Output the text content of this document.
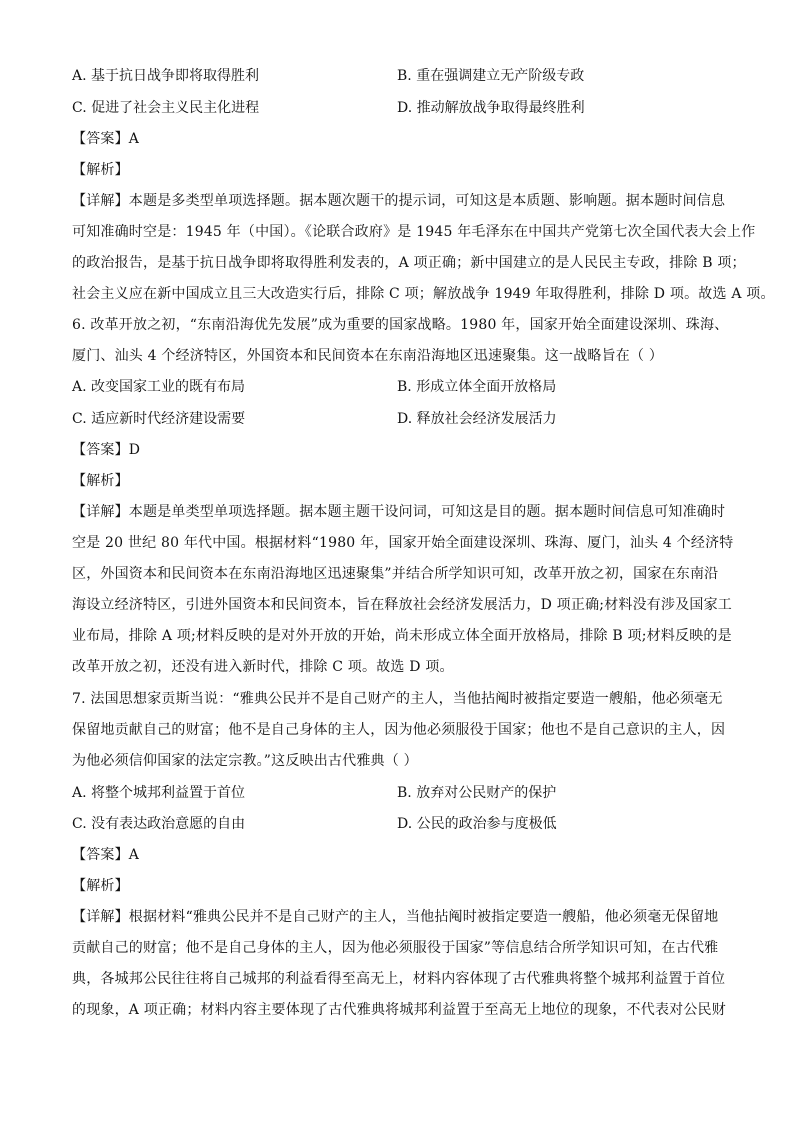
A. 基于抗日战争即将取得胜利	B. 重在强调建立无产阶级专政
C. 促进了社会主义民主化进程	D. 推动解放战争取得最终胜利
【答案】A
【解析】
【详解】本题是多类型单项选择题。据本题次题干的提示词，可知这是本质题、影响题。据本题时间信息
可知准确时空是：1945 年（中国）。《论联合政府》是 1945 年毛泽东在中国共产党第七次全国代表大会上作
的政治报告，是基于抗日战争即将取得胜利发表的，A 项正确；新中国建立的是人民民主专政，排除 B 项；
社会主义应在新中国成立且三大改造实行后，排除 C 项；解放战争 1949 年取得胜利，排除 D 项。故选 A 项。
6. 改革开放之初，“东南沿海优先发展”成为重要的国家战略。1980 年，国家开始全面建设深圳、珠海、
厦门、汕头 4 个经济特区，外国资本和民间资本在东南沿海地区迅速聚集。这一战略旨在（ ）
A. 改变国家工业的既有布局	B. 形成立体全面开放格局
C. 适应新时代经济建设需要	D. 释放社会经济发展活力
【答案】D
【解析】
【详解】本题是单类型单项选择题。据本题主题干设问词，可知这是目的题。据本题时间信息可知准确时
空是 20 世纪 80 年代中国。根据材料“1980 年，国家开始全面建设深圳、珠海、厦门，汕头 4 个经济特
区，外国资本和民间资本在东南沿海地区迅速聚集”并结合所学知识可知，改革开放之初，国家在东南沿
海设立经济特区，引进外国资本和民间资本，旨在释放社会经济发展活力，D 项正确;材料没有涉及国家工
业布局，排除 A 项;材料反映的是对外开放的开始，尚未形成立体全面开放格局，排除 B 项;材料反映的是
改革开放之初，还没有进入新时代，排除 C 项。故选 D 项。
7. 法国思想家贡斯当说：“雅典公民并不是自己财产的主人，当他拈阄时被指定要造一艘船，他必须毫无
保留地贡献自己的财富；他不是自己身体的主人，因为他必须服役于国家；他也不是自己意识的主人，因
为他必须信仰国家的法定宗教。”这反映出古代雅典（ ）
A. 将整个城邦利益置于首位	B. 放弃对公民财产的保护
C. 没有表达政治意愿的自由	D. 公民的政治参与度极低
【答案】A
【解析】
【详解】根据材料“雅典公民并不是自己财产的主人，当他拈阄时被指定要造一艘船，他必须毫无保留地
贡献自己的财富；他不是自己身体的主人，因为他必须服役于国家”等信息结合所学知识可知，在古代雅
典，各城邦公民往往将自己城邦的利益看得至高无上，材料内容体现了古代雅典将整个城邦利益置于首位
的现象，A 项正确；材料内容主要体现了古代雅典将城邦利益置于至高无上地位的现象，不代表对公民财
